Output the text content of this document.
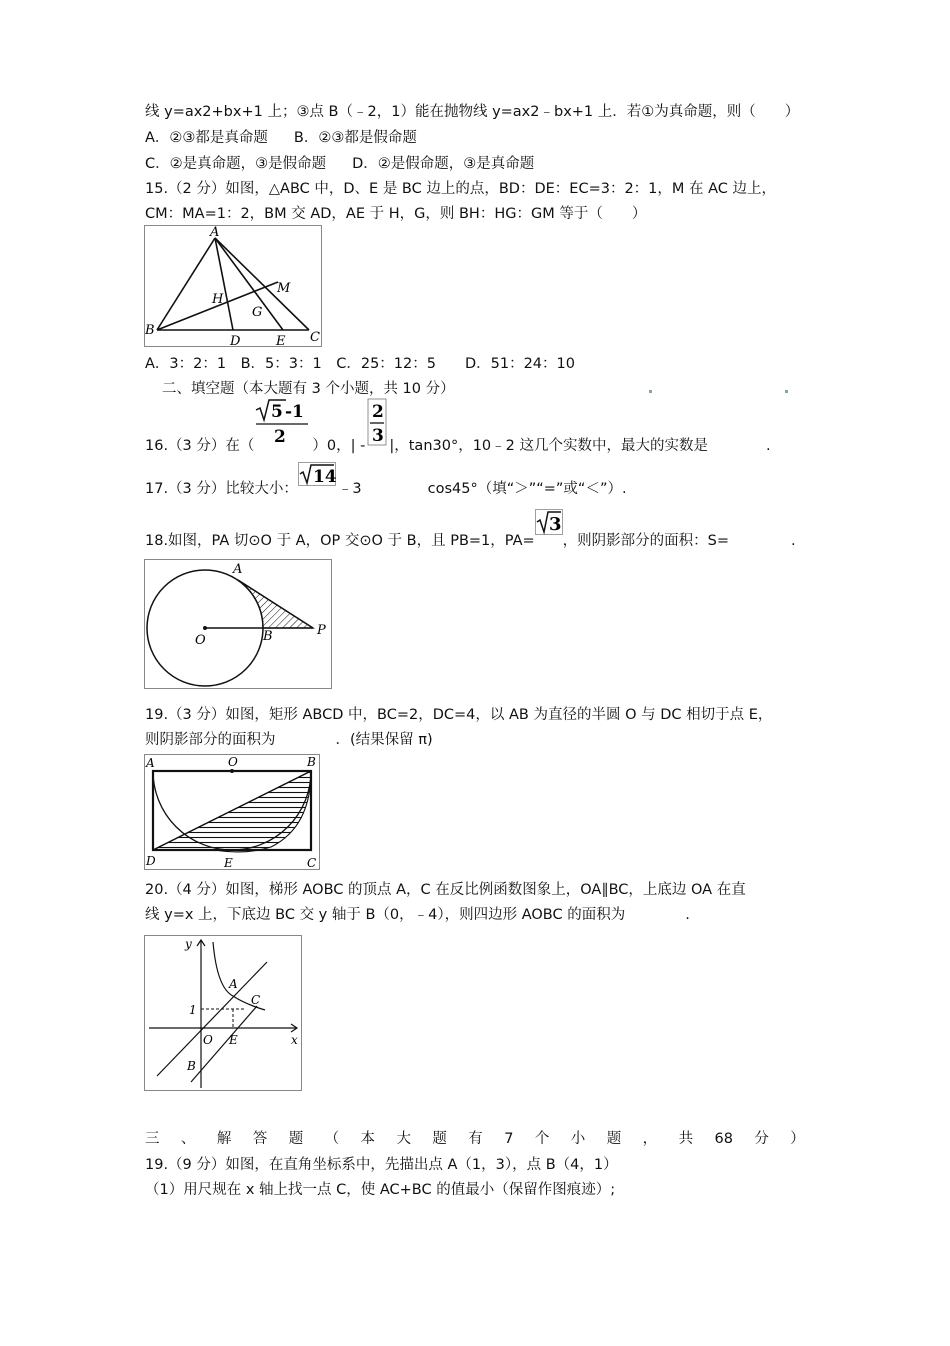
线 y=ax2+bx+1 上；③点 B（﹣2，1）能在抛物线 y=ax2﹣bx+1 上．若①为真命题，则（　　）
A．②③都是真命题 B．②③都是假命题
C．②是真命题，③是假命题 D．②是假命题，③是真命题
15.（2 分）如图，△ABC 中，D、E 是 BC 边上的点，BD：DE：EC=3：2：1，M 在 AC 边上，
CM：MA=1：2，BM 交 AD，AE 于 H，G，则 BH：HG：GM 等于（　　）
A
B	C
D	E
H
G
M
A．3：2：1　B．5：3：1　C．25：12：5　　D．51：24：10
二、填空题（本大题有 3 个小题，共 10 分）
16.（3 分）在（
5 -1
2 ）0，| -
2
3 |，tan30°，10﹣2 这几个实数中，最大的实数是	.
17.（3 分）比较大小：
14
﹣3	cos45°（填“＞”“=”或“＜”）.
18.如图，PA 切⊙O 于 A，OP 交⊙O 于 B，且 PB=1，PA=
3
，则阴影部分的面积：S=	.
A
O	B	P
19.（3 分）如图，矩形 ABCD 中，BC=2，DC=4，以 AB 为直径的半圆 O 与 DC 相切于点 E，
则阴影部分的面积为	．(结果保留 π)
A	O	B
D	E	C
20.（4 分）如图，梯形 AOBC 的顶点 A，C 在反比例函数图象上，OA∥BC，上底边 OA 在直
线 y=x 上，下底边 BC 交 y 轴于 B（0，﹣4），则四边形 AOBC 的面积为	.
y
x
1
O E
A
C
B
三 、 解 答 题 （ 本 大 题 有 7 个 小 题 ， 共 68 分 ）
19.（9 分）如图，在直角坐标系中，先描出点 A（1，3），点 B（4，1）
（1）用尺规在 x 轴上找一点 C，使 AC+BC 的值最小（保留作图痕迹）;
